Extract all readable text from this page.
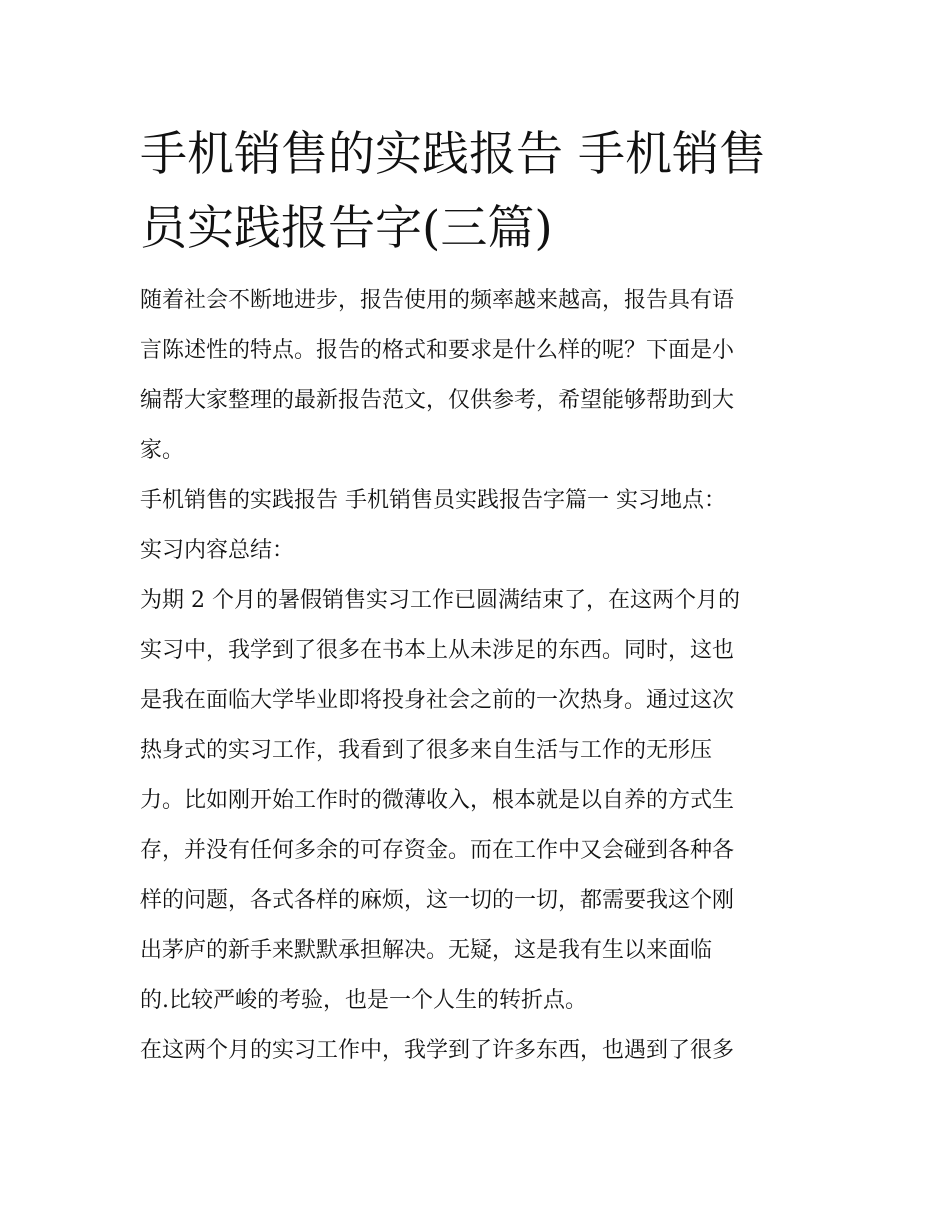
手机销售的实践报告 手机销售
员实践报告字(三篇)

随着社会不断地进步，报告使用的频率越来越高，报告具有语
言陈述性的特点。报告的格式和要求是什么样的呢？下面是小
编帮大家整理的最新报告范文，仅供参考，希望能够帮助到大
家。

手机销售的实践报告 手机销售员实践报告字篇一 实习地点：

实习内容总结：

为期 2 个月的暑假销售实习工作已圆满结束了，在这两个月的
实习中，我学到了很多在书本上从未涉足的东西。同时，这也
是我在面临大学毕业即将投身社会之前的一次热身。通过这次
热身式的实习工作，我看到了很多来自生活与工作的无形压
力。比如刚开始工作时的微薄收入，根本就是以自养的方式生
存，并没有任何多余的可存资金。而在工作中又会碰到各种各
样的问题，各式各样的麻烦，这一切的一切，都需要我这个刚
出茅庐的新手来默默承担解决。无疑，这是我有生以来面临
的.比较严峻的考验，也是一个人生的转折点。

在这两个月的实习工作中，我学到了许多东西，也遇到了很多
